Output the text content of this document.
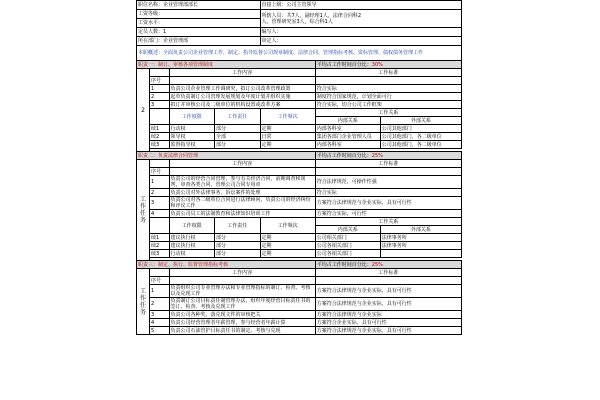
职位名称：企业管理部部长				直接上级：公司主管领导		
工资等级：				所辖人员：共7人，副经理1人，法律合同科2
人，管理研究室3人，综合科1人		
工资水平：						
定员人数：1				编写人：		
所在部门：企业管理部				审定人：		
本职概述：全面负责公司企业管理工作，制定、指导监督公司规章制度、法律合同、管理指标考核、资标管理、债权债务管理工作						
职责一：制订、审核各项管理制度					平均占工作时间百分比：30%	
2		工作内容			工作标准	
	序号					
	1	负责公司企业管理工作调研究，拟订公司改革管理政策			符合实际	
	2	起草负责制订公司管理发展规划及年度计划并组织实施			制度符合国家规范，计划全面可行	
	3	拟订并审核公司及二级单位的机构设置或改革方案			符合实际，切合公司工作框架	
		工作权限	工作责任	工作频次	工作关系	
					内部关系	外部关系
	续1	行动权	部分	定期	内部各科室	公司其他部门
	续2	领导权	全部	日常	集团各部门企业管理人员	公司其他部门，各二级单位
	续3	监督指导权	部分	定期	内部各科室	公司其他部门，各二级单位

职责二：负责法律合同管理					平均占工作时间百分比：25%	
工作任务		工作内容			工作标准	
	序号					
	1	负责公司的经营合同管理，参与有关经济合同，前期调查和谈判，审查各类合同，管理公司合同专用章			符合法律规范，可操作性强	
	2	负责公司对外法律事务，诉讼案件的处理			符合实际	
	3	负责公司对各二级单位合同进行法律顾问，负责公司的经济纠纷和评议工作			方案符合法律规范与企业实际，具有可行性	
	4	负责公司员工的法制教育和法律知识培训工作			方案符合实际，可行性	
		工作权限	工作责任	工作频次	工作关系	
					内部关系	外部关系
	续1	建议执行权	部分	定期	公司相关部门	法律事务所
	续2	建议执行权	部分	定期	公司各相关部门	法律事务所
	续3	行动权	部分	定期	公司各相关部门	

职责三：制定、执行、监督管理指标考核					平均占工作时间百分比：25%	
工作任务		工作内容			工作标准	
	序号					
	1	负责组织公司专业管理办法和专业管理指标的制订、检查、考核以及兑现工作			方案符合法律规范与企业实际，具有可行性	
	2	负责制订公司目标责任制管理办法，组织年度经营目标责任书的签订、检查、考核及兑现工作			方案符合法律规范与企业实际，具有可行性	
	3	负责公司各种奖、落兑现文件的审核把关			方案符合法律规范与企业实际	
	4	负责公司经营管理者年薪管理，参与经营者年薪计算			方案符合企业实际，具有可行性	
	5	负责公司石油管护目标责任书的制定、考核与兑现			方案符合法律规范与企业实际，具有可行性	
